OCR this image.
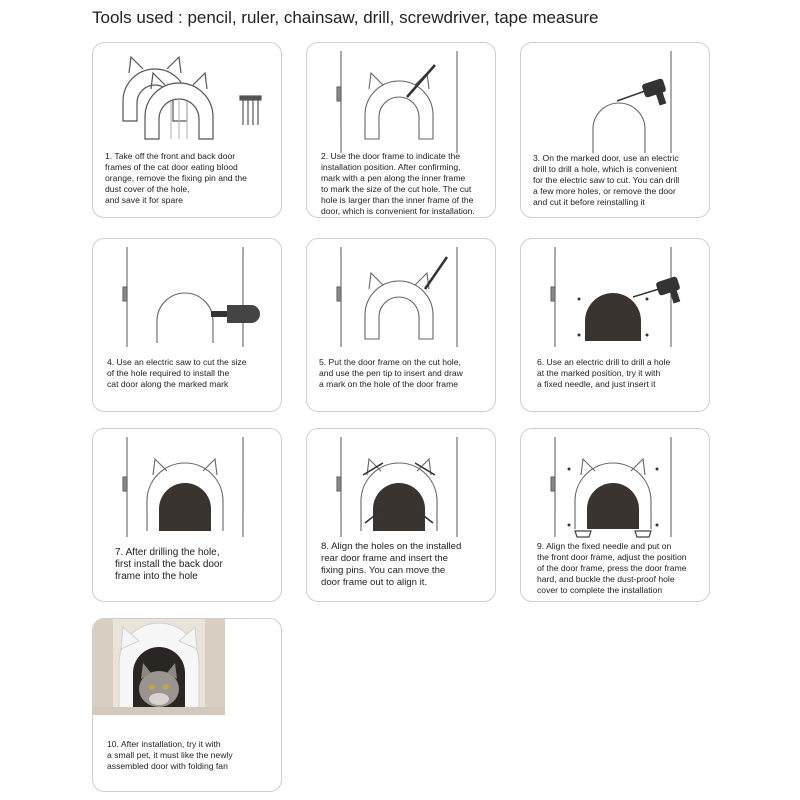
Tools used : pencil, ruler, chainsaw, drill, screwdriver, tape measure
1. Take off the front and back door
frames of the cat door eating blood
orange, remove the fixing pin and the
dust cover of the hole,
and save it for spare
2. Use the door frame to indicate the
installation position. After confirming,
mark with a pen along the inner frame
to mark the size of the cut hole. The cut
hole is larger than the inner frame of the
door, which is convenient for installation.
3. On the marked door, use an electric
drill to drill a hole, which is convenient
for the electric saw to cut. You can drill
a few more holes, or remove the door
and cut it before reinstalling it
4. Use an electric saw to cut the size
of the hole required to install the
cat door along the marked mark
5. Put the door frame on the cut hole,
and use the pen tip to insert and draw
a mark on the hole of the door frame
6. Use an electric drill to drill a hole
at the marked position, try it with
a fixed needle, and just insert it
7. After drilling the hole,
first install the back door
frame into the hole
8. Align the holes on the installed
rear door frame and insert the
fixing pins. You can move the
door frame out to align it.
9. Align the fixed needle and put on
the front door frame, adjust the position
of the door frame, press the door frame
hard, and buckle the dust-proof hole
cover to complete the installation
10. After installation, try it with
a small pet, it must like the newly
assembled door with folding fan
